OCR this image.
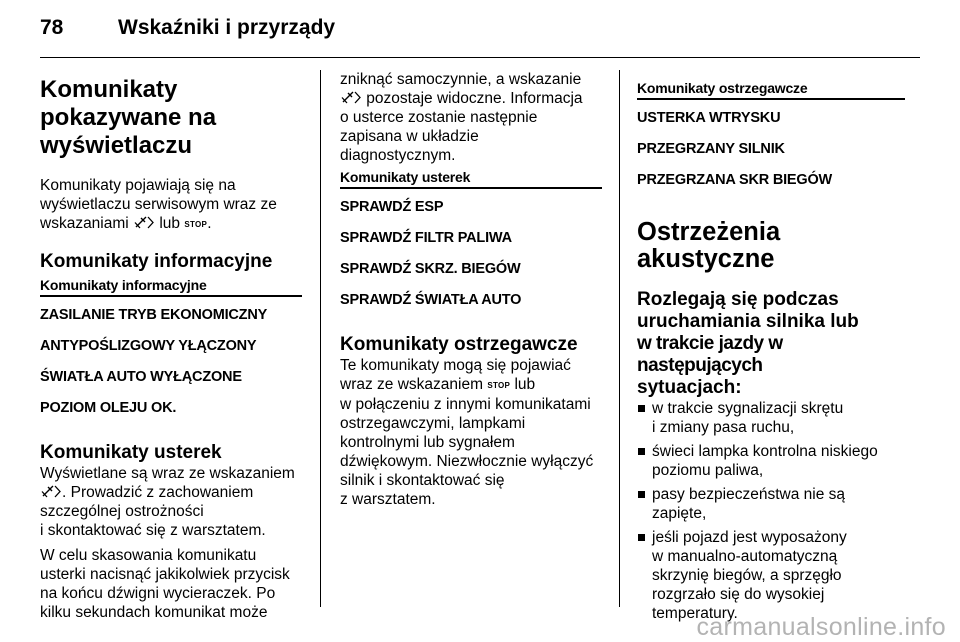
78	Wskaźniki i przyrządy
Komunikaty
pokazywane na
wyświetlaczu
Komunikaty pojawiają się na
wyświetlaczu serwisowym wraz ze
wskazaniami lub STOP.
Komunikaty informacyjne
Komunikaty informacyjne
ZASILANIE TRYB EKONOMICZNY
ANTYPOŚLIZGOWY YŁĄCZONY
ŚWIATŁA AUTO WYŁĄCZONE
POZIOM OLEJU OK.
Komunikaty usterek
Wyświetlane są wraz ze wskazaniem
. Prowadzić z zachowaniem
szczególnej ostrożności
i skontaktować się z warsztatem.
W celu skasowania komunikatu
usterki nacisnąć jakikolwiek przycisk
na końcu dźwigni wycieraczek. Po
kilku sekundach komunikat może
zniknąć samoczynnie, a wskazanie
pozostaje widoczne. Informacja
o usterce zostanie następnie
zapisana w układzie
diagnostycznym.
Komunikaty usterek
SPRAWDŹ ESP
SPRAWDŹ FILTR PALIWA
SPRAWDŹ SKRZ. BIEGÓW
SPRAWDŹ ŚWIATŁA AUTO
Komunikaty ostrzegawcze
Te komunikaty mogą się pojawiać
wraz ze wskazaniem STOP lub
w połączeniu z innymi komunikatami
ostrzegawczymi, lampkami
kontrolnymi lub sygnałem
dźwiękowym. Niezwłocznie wyłączyć
silnik i skontaktować się
z warsztatem.
Komunikaty ostrzegawcze
USTERKA WTRYSKU
PRZEGRZANY SILNIK
PRZEGRZANA SKR BIEGÓW
Ostrzeżenia akustyczne
Rozlegają się podczas
uruchamiania silnika lub
w trakcie jazdy w następujących
sytuacjach:
w trakcie sygnalizacji skrętu
i zmiany pasa ruchu,
świeci lampka kontrolna niskiego
poziomu paliwa,
pasy bezpieczeństwa nie są
zapięte,
jeśli pojazd jest wyposażony
w manualno-automatyczną
skrzynię biegów, a sprzęgło
rozgrzało się do wysokiej
temperatury.
carmanualsonline.info
